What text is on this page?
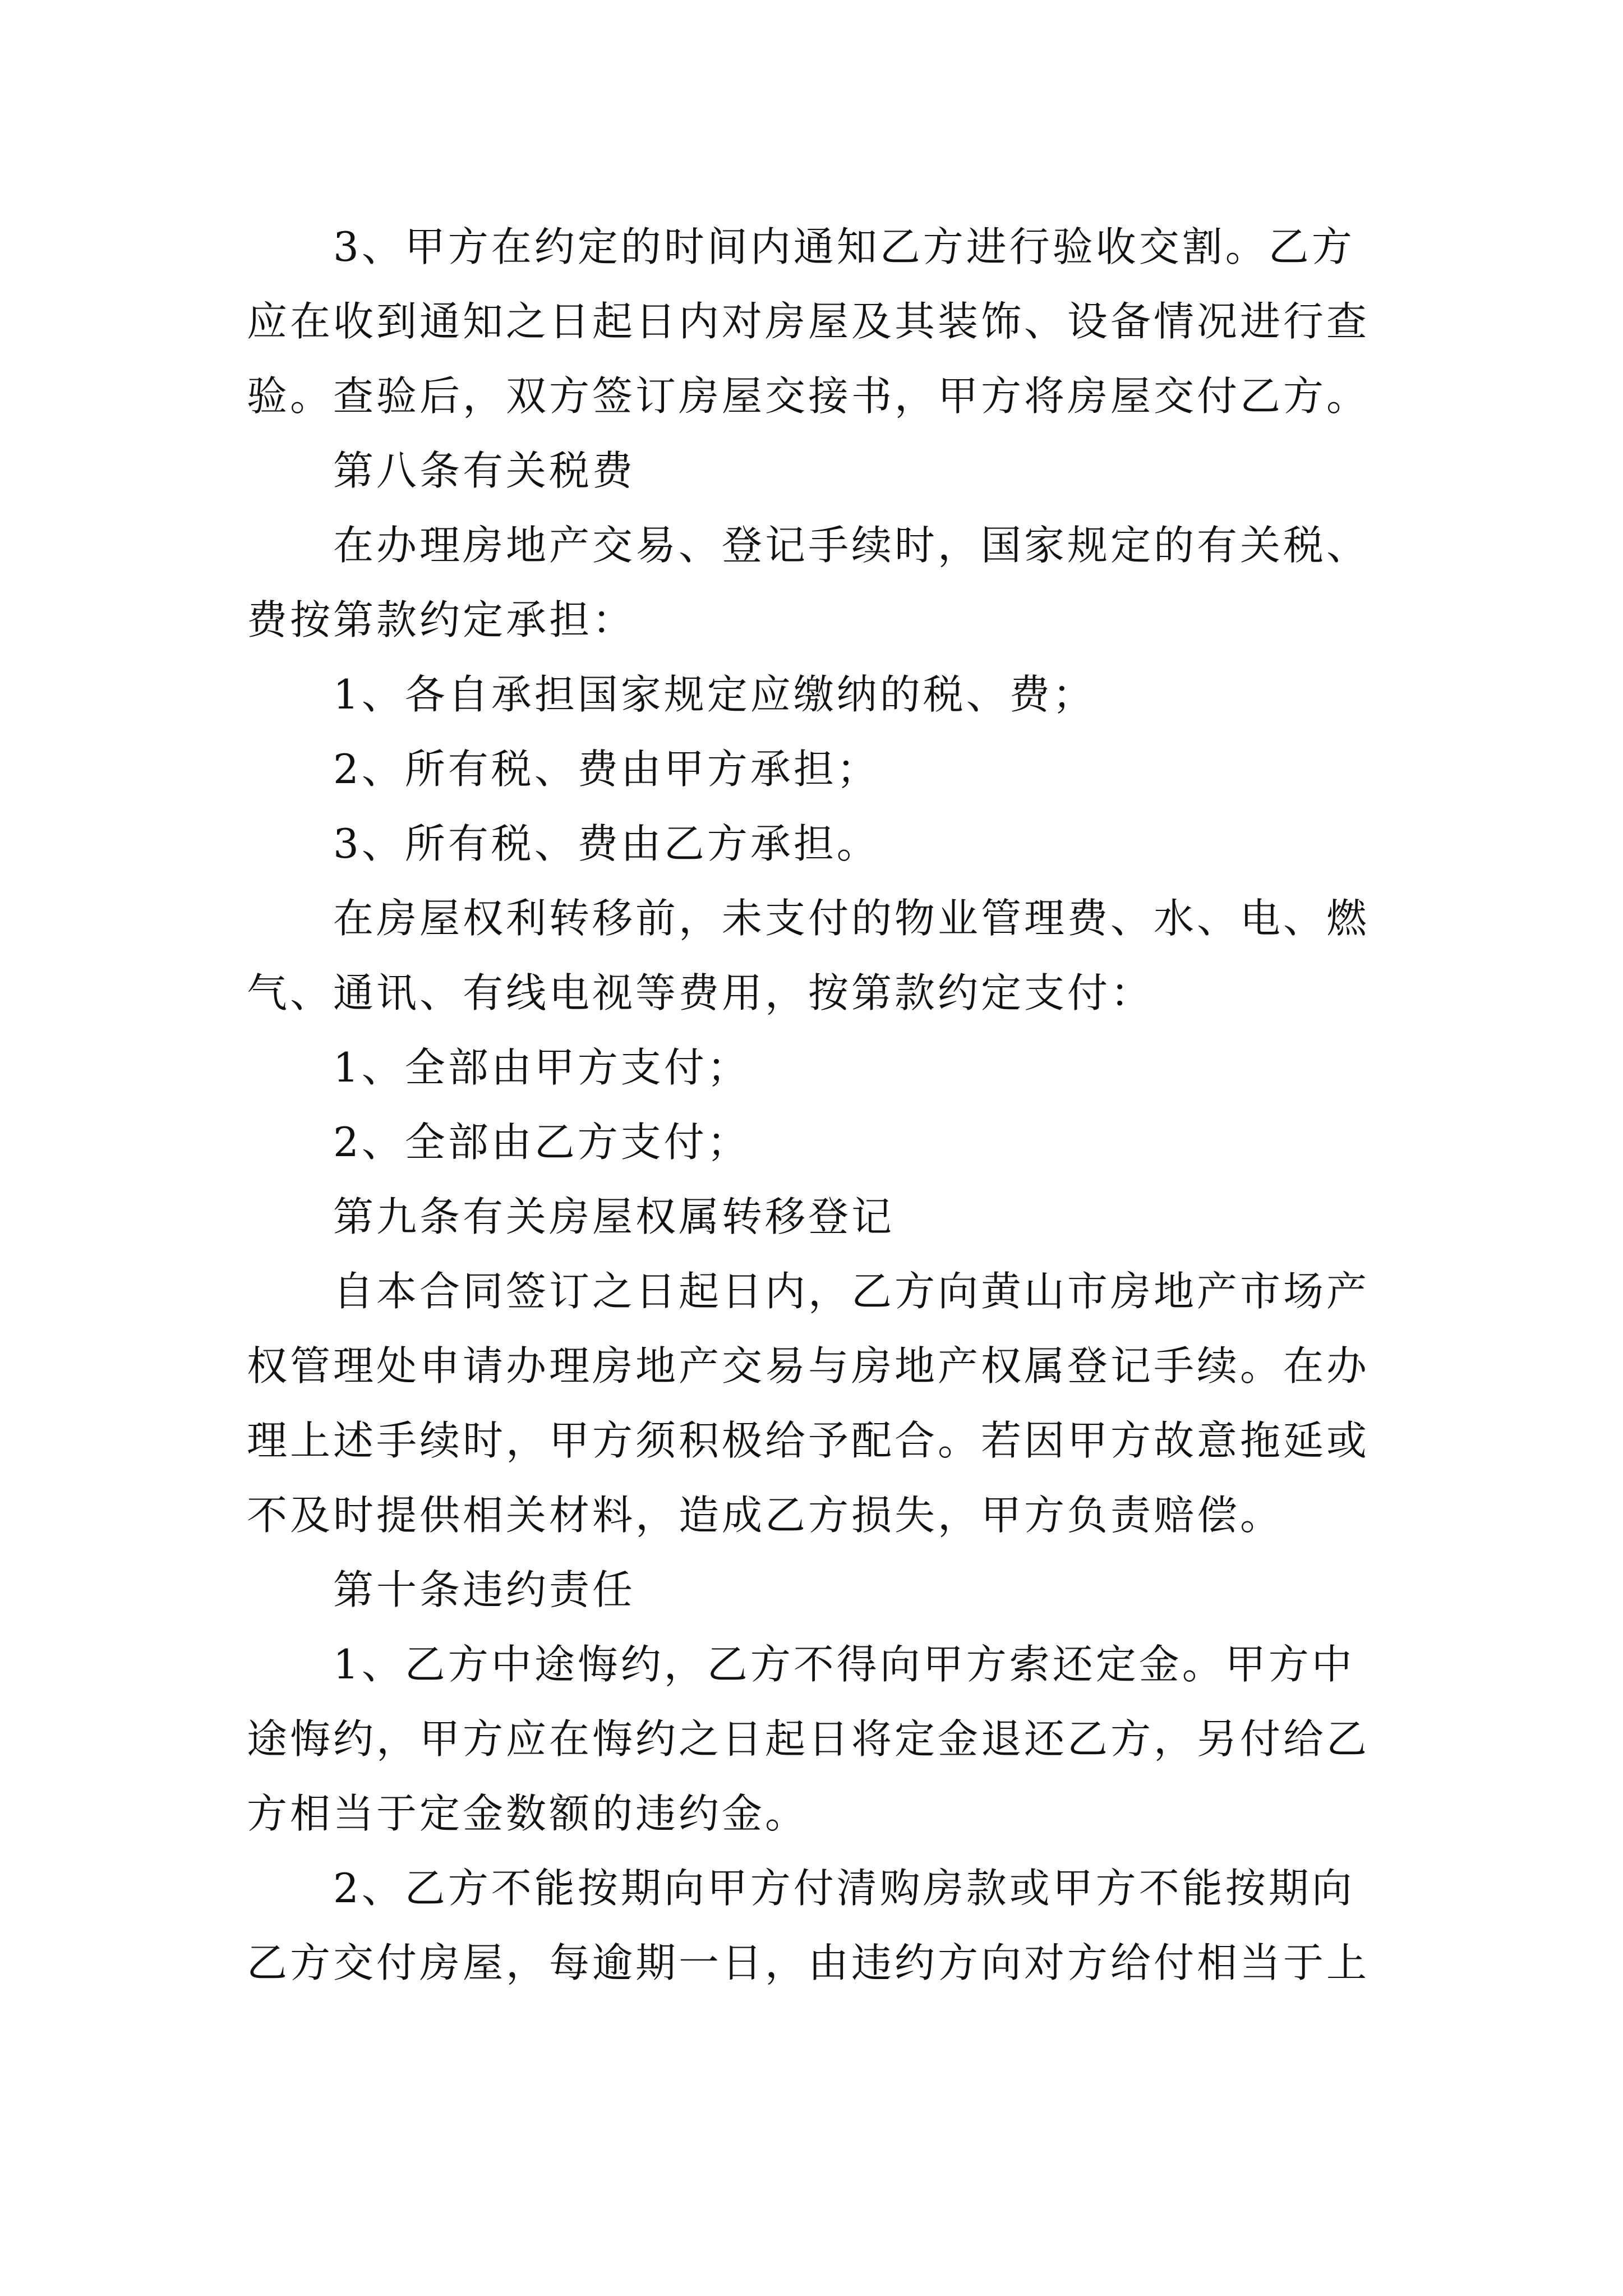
3、甲方在约定的时间内通知乙方进行验收交割。乙方应在收到通知之日起日内对房屋及其装饰、设备情况进行查验。查验后，双方签订房屋交接书，甲方将房屋交付乙方。

第八条有关税费

在办理房地产交易、登记手续时，国家规定的有关税、费按第款约定承担：

1、各自承担国家规定应缴纳的税、费；

2、所有税、费由甲方承担；

3、所有税、费由乙方承担。

在房屋权利转移前，未支付的物业管理费、水、电、燃气、通讯、有线电视等费用，按第款约定支付：

1、全部由甲方支付；

2、全部由乙方支付；

第九条有关房屋权属转移登记

自本合同签订之日起日内，乙方向黄山市房地产市场产权管理处申请办理房地产交易与房地产权属登记手续。在办理上述手续时，甲方须积极给予配合。若因甲方故意拖延或不及时提供相关材料，造成乙方损失，甲方负责赔偿。

第十条违约责任

1、乙方中途悔约，乙方不得向甲方索还定金。甲方中途悔约，甲方应在悔约之日起日将定金退还乙方，另付给乙方相当于定金数额的违约金。

2、乙方不能按期向甲方付清购房款或甲方不能按期向乙方交付房屋，每逾期一日，由违约方向对方给付相当于上
